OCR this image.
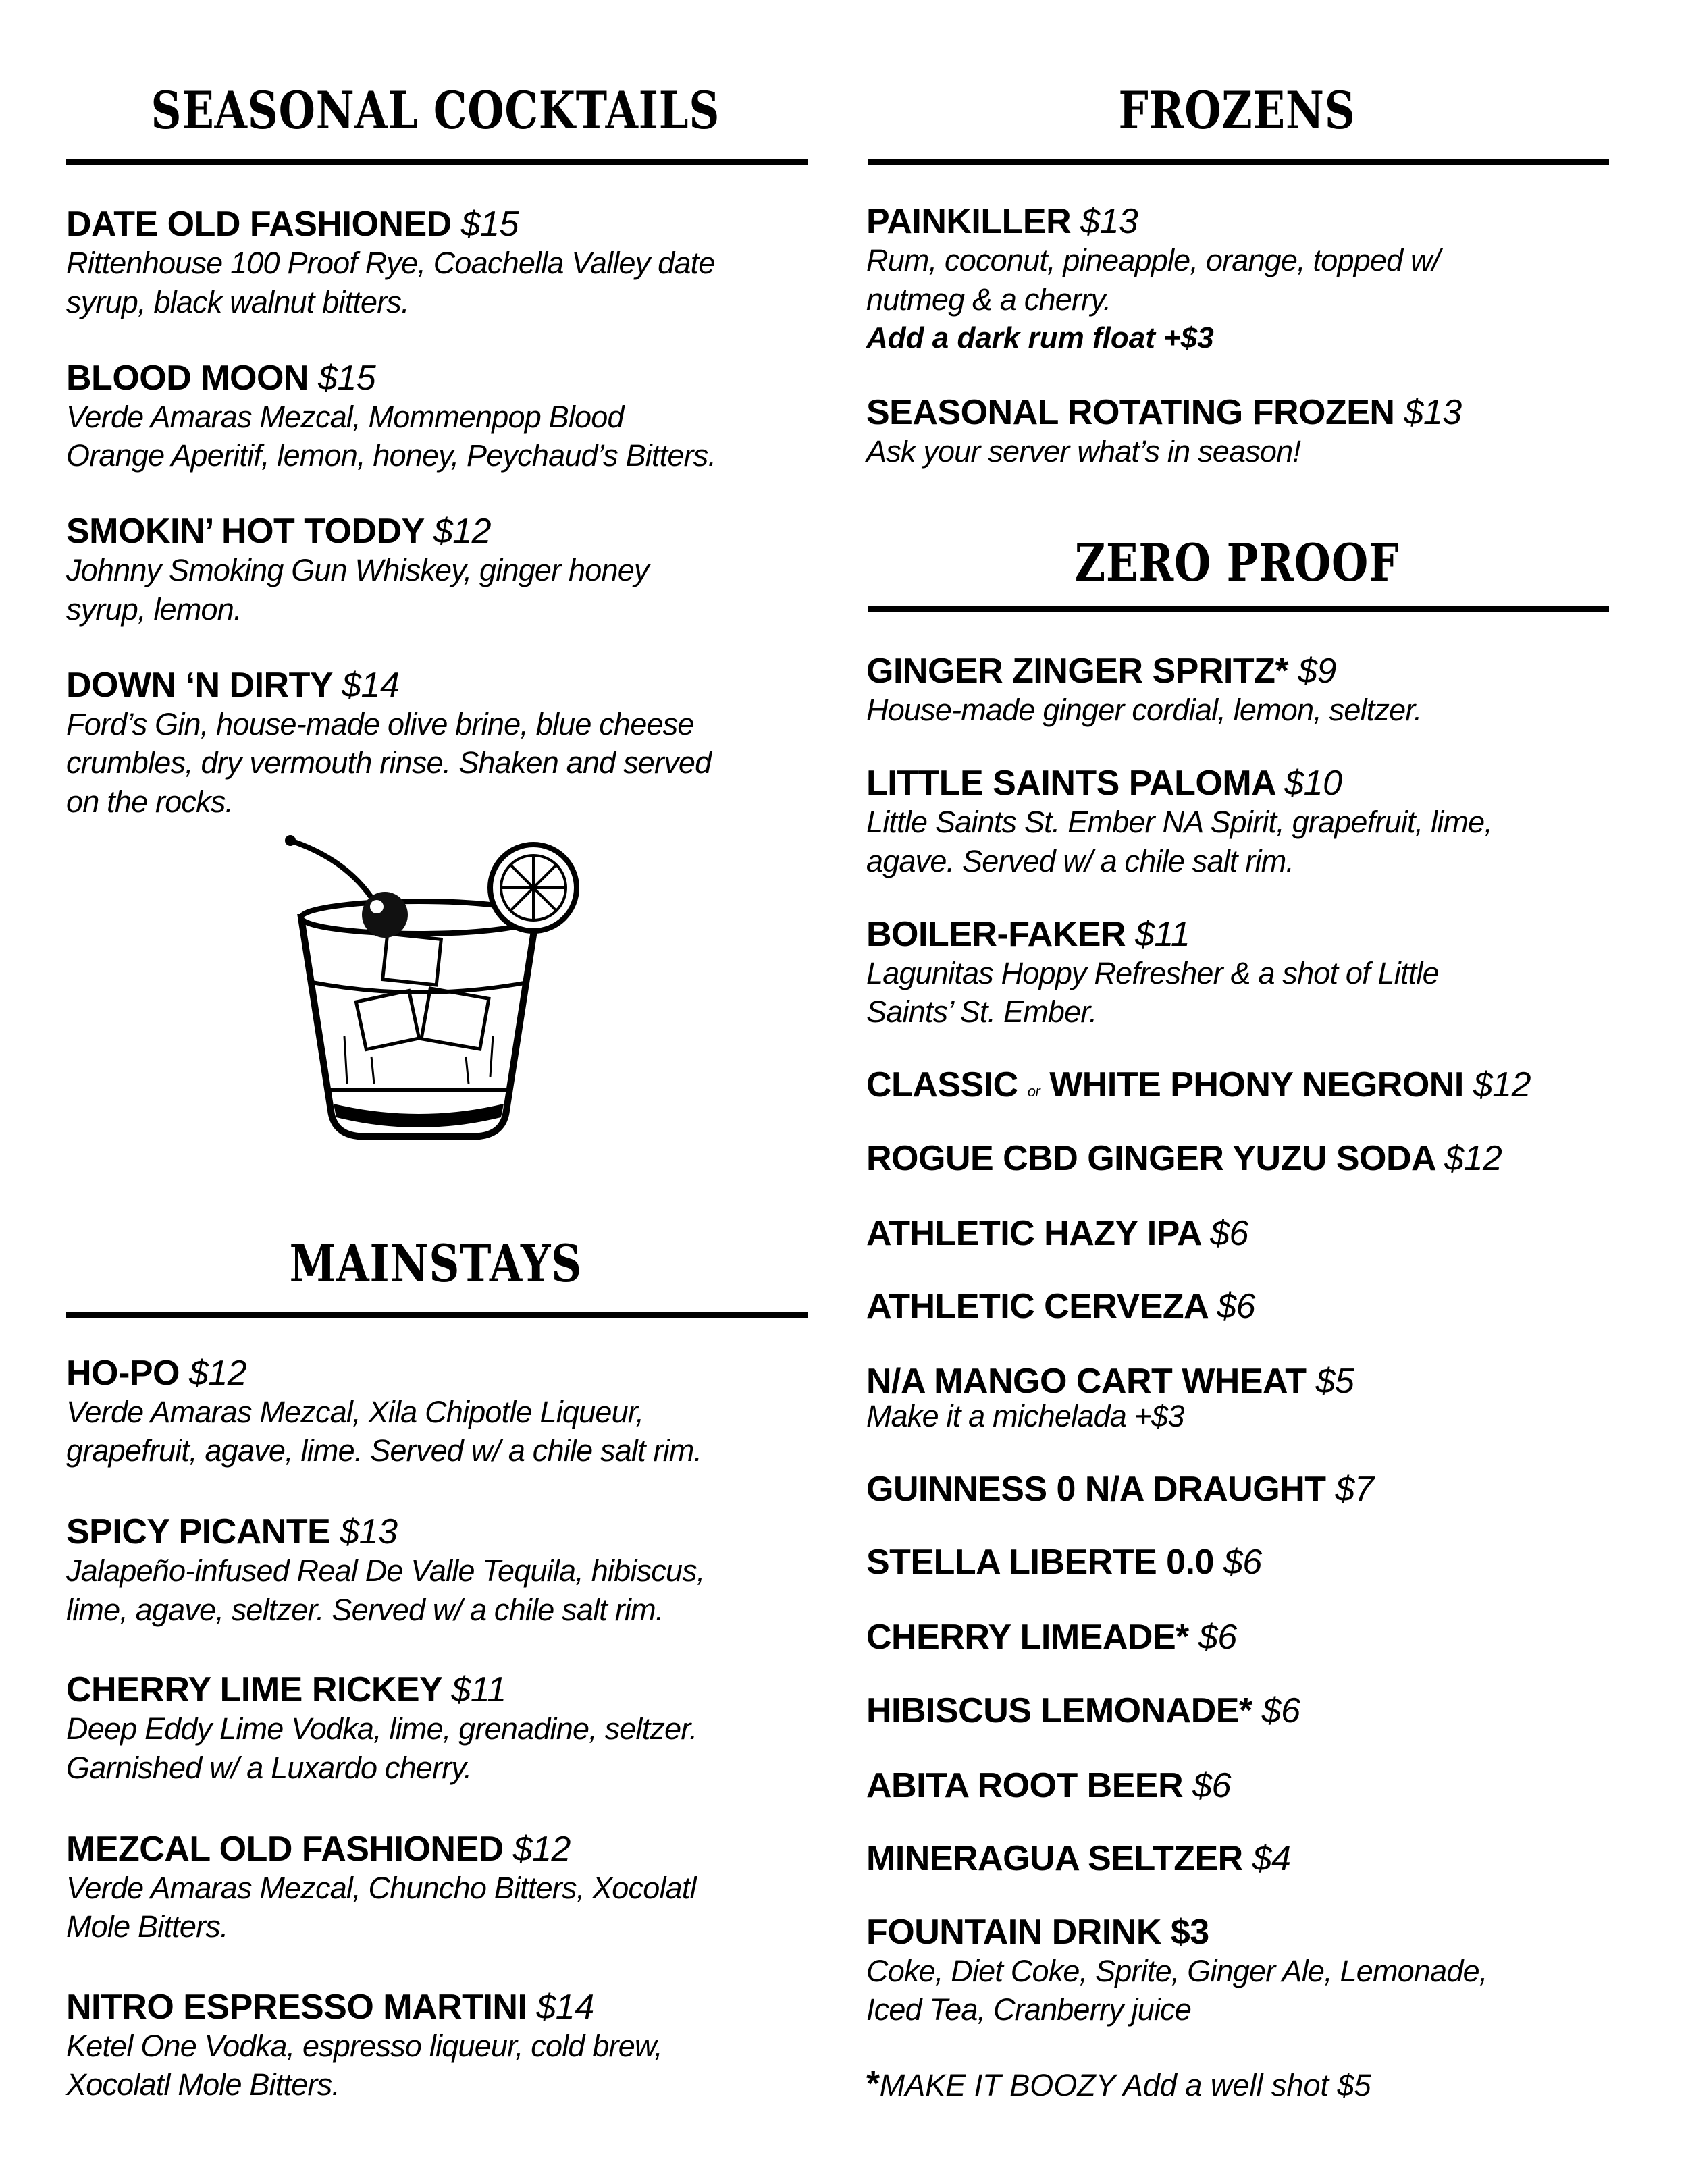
SEASONAL COCKTAILS	FROZENS
ZERO PROOF
MAINSTAYS
DATE OLD FASHIONED $15
Rittenhouse 100 Proof Rye, Coachella Valley date
syrup, black walnut bitters.
BLOOD MOON $15
Verde Amaras Mezcal, Mommenpop Blood
Orange Aperitif, lemon, honey, Peychaud’s Bitters.
SMOKIN’ HOT TODDY $12
Johnny Smoking Gun Whiskey, ginger honey
syrup, lemon.
DOWN ‘N DIRTY $14
Ford’s Gin, house-made olive brine, blue cheese
crumbles, dry vermouth rinse. Shaken and served
on the rocks.
HO-PO $12
Verde Amaras Mezcal, Xila Chipotle Liqueur,
grapefruit, agave, lime. Served w/ a chile salt rim.
SPICY PICANTE $13
Jalapeño-infused Real De Valle Tequila, hibiscus,
lime, agave, seltzer. Served w/ a chile salt rim.
CHERRY LIME RICKEY $11
Deep Eddy Lime Vodka, lime, grenadine, seltzer.
Garnished w/ a Luxardo cherry.
MEZCAL OLD FASHIONED $12
Verde Amaras Mezcal, Chuncho Bitters, Xocolatl
Mole Bitters.
NITRO ESPRESSO MARTINI $14
Ketel One Vodka, espresso liqueur, cold brew,
Xocolatl Mole Bitters.
PAINKILLER $13
Rum, coconut, pineapple, orange, topped w/
nutmeg & a cherry.
Add a dark rum float +$3
SEASONAL ROTATING FROZEN $13
Ask your server what’s in season!
GINGER ZINGER SPRITZ* $9
House-made ginger cordial, lemon, seltzer.
LITTLE SAINTS PALOMA $10
Little Saints St. Ember NA Spirit, grapefruit, lime,
agave. Served w/ a chile salt rim.
BOILER-FAKER $11
Lagunitas Hoppy Refresher & a shot of Little
Saints’ St. Ember.
CLASSIC or WHITE PHONY NEGRONI $12
ROGUE CBD GINGER YUZU SODA $12
ATHLETIC HAZY IPA $6
ATHLETIC CERVEZA $6
N/A MANGO CART WHEAT $5
Make it a michelada +$3
GUINNESS 0 N/A DRAUGHT $7
STELLA LIBERTE 0.0 $6
CHERRY LIMEADE* $6
HIBISCUS LEMONADE* $6
ABITA ROOT BEER $6
MINERAGUA SELTZER $4
FOUNTAIN DRINK $3
Coke, Diet Coke, Sprite, Ginger Ale, Lemonade,
Iced Tea, Cranberry juice
*MAKE IT BOOZY Add a well shot $5
